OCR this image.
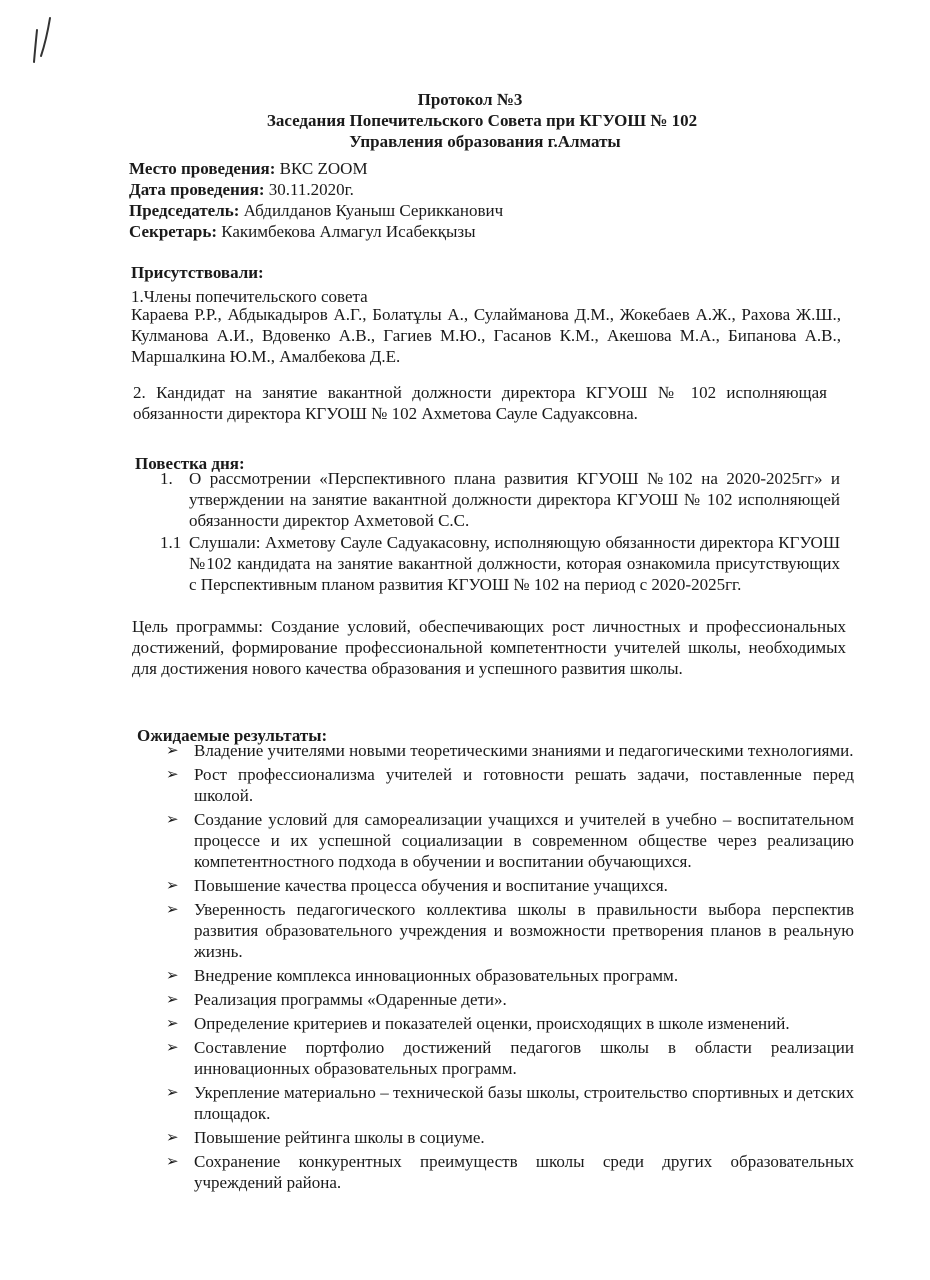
Протокол №3
Заседания Попечительского Совета при КГУОШ № 102
Управления образования г.Алматы
Место проведения: ВКС ZOOM
Дата проведения: 30.11.2020г.
Председатель: Абдилданов Куаныш Серикканович
Секретарь: Какимбекова Алмагул Исабекқызы
Присутствовали:
1.Члены попечительского совета
Караева Р.Р., Абдыкадыров А.Г., Болатұлы А., Сулайманова Д.М., Жокебаев А.Ж., Рахова Ж.Ш., Кулманова А.И., Вдовенко А.В., Гагиев М.Ю., Гасанов К.М., Акешова М.А., Бипанова А.В., Маршалкина Ю.М., Амалбекова Д.Е.
2. Кандидат на занятие вакантной должности директора КГУОШ № 102 исполняющая обязанности директора КГУОШ № 102 Ахметова Сауле Садуаксовна.
Повестка дня:
1. О рассмотрении «Перспективного плана развития КГУОШ №102 на 2020-2025гг» и утверждении на занятие вакантной должности директора КГУОШ № 102 исполняющей обязанности директор Ахметовой С.С.
1.1 Слушали: Ахметову Сауле Садуакасовну, исполняющую обязанности директора КГУОШ №102 кандидата на занятие вакантной должности, которая ознакомила присутствующих с Перспективным планом развития КГУОШ № 102 на период с 2020-2025гг.
Цель программы: Создание условий, обеспечивающих рост личностных и профессиональных достижений, формирование профессиональной компетентности учителей школы, необходимых для достижения нового качества образования и успешного развития школы.
Ожидаемые результаты:
➢ Владение учителями новыми теоретическими знаниями и педагогическими технологиями.
➢ Рост профессионализма учителей и готовности решать задачи, поставленные перед школой.
➢ Создание условий для самореализации учащихся и учителей в учебно – воспитательном процессе и их успешной социализации в современном обществе через реализацию компетентностного подхода в обучении и воспитании обучающихся.
➢ Повышение качества процесса обучения и воспитание учащихся.
➢ Уверенность педагогического коллектива школы в правильности выбора перспектив развития образовательного учреждения и возможности претворения планов в реальную жизнь.
➢ Внедрение комплекса инновационных образовательных программ.
➢ Реализация программы «Одаренные дети».
➢ Определение критериев и показателей оценки, происходящих в школе изменений.
➢ Составление портфолио достижений педагогов школы в области реализации инновационных образовательных программ.
➢ Укрепление материально – технической базы школы, строительство спортивных и детских площадок.
➢ Повышение рейтинга школы в социуме.
➢ Сохранение конкурентных преимуществ школы среди других образовательных учреждений района.
